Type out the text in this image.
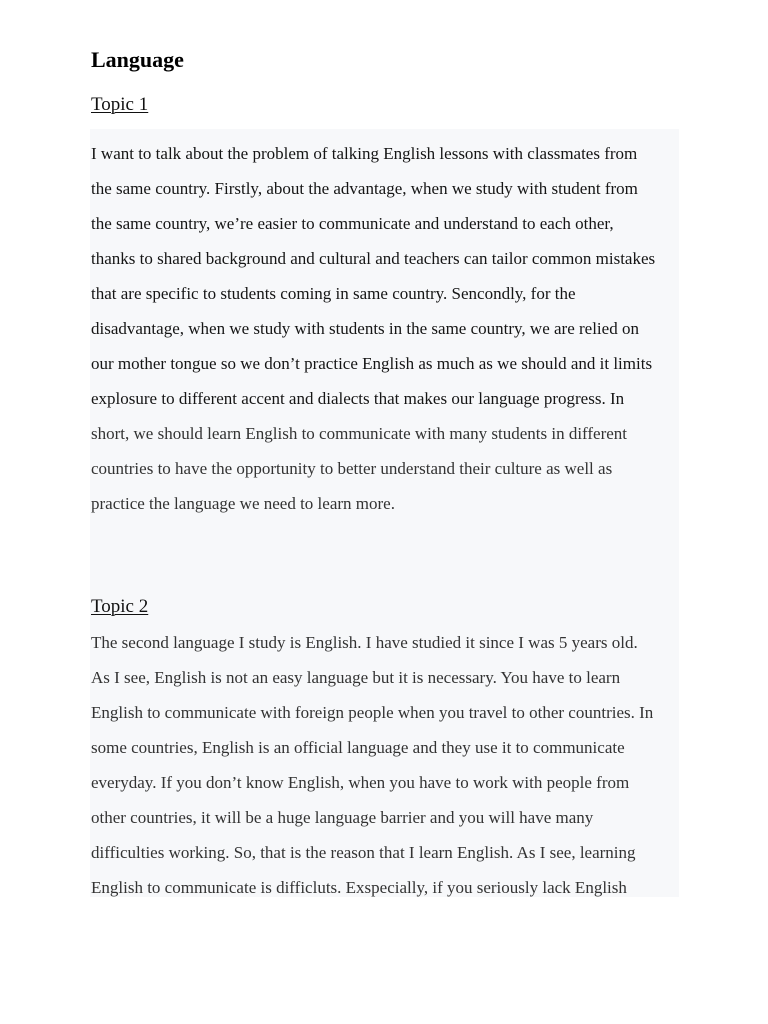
Language
Topic 1

I want to talk about the problem of talking English lessons with classmates from
the same country. Firstly, about the advantage, when we study with student from
the same country, we’re easier to communicate and understand to each other,
thanks to shared background and cultural and teachers can tailor common mistakes
that are specific to students coming in same country. Sencondly, for the
disadvantage, when we study with students in the same country, we are relied on
our mother tongue so we don’t practice English as much as we should and it limits
explosure to different accent and dialects that makes our language progress. In
short, we should learn English to communicate with many students in different
countries to have the opportunity to better understand their culture as well as
practice the language we need to learn more.

Topic 2

The second language I study is English. I have studied it since I was 5 years old.
As I see, English is not an easy language but it is necessary. You have to learn
English to communicate with foreign people when you travel to other countries. In
some countries, English is an official language and they use it to communicate
everyday. If you don’t know English, when you have to work with people from
other countries, it will be a huge language barrier and you will have many
difficulties working. So, that is the reason that I learn English. As I see, learning
English to communicate is difficluts. Exspecially, if you seriously lack English
